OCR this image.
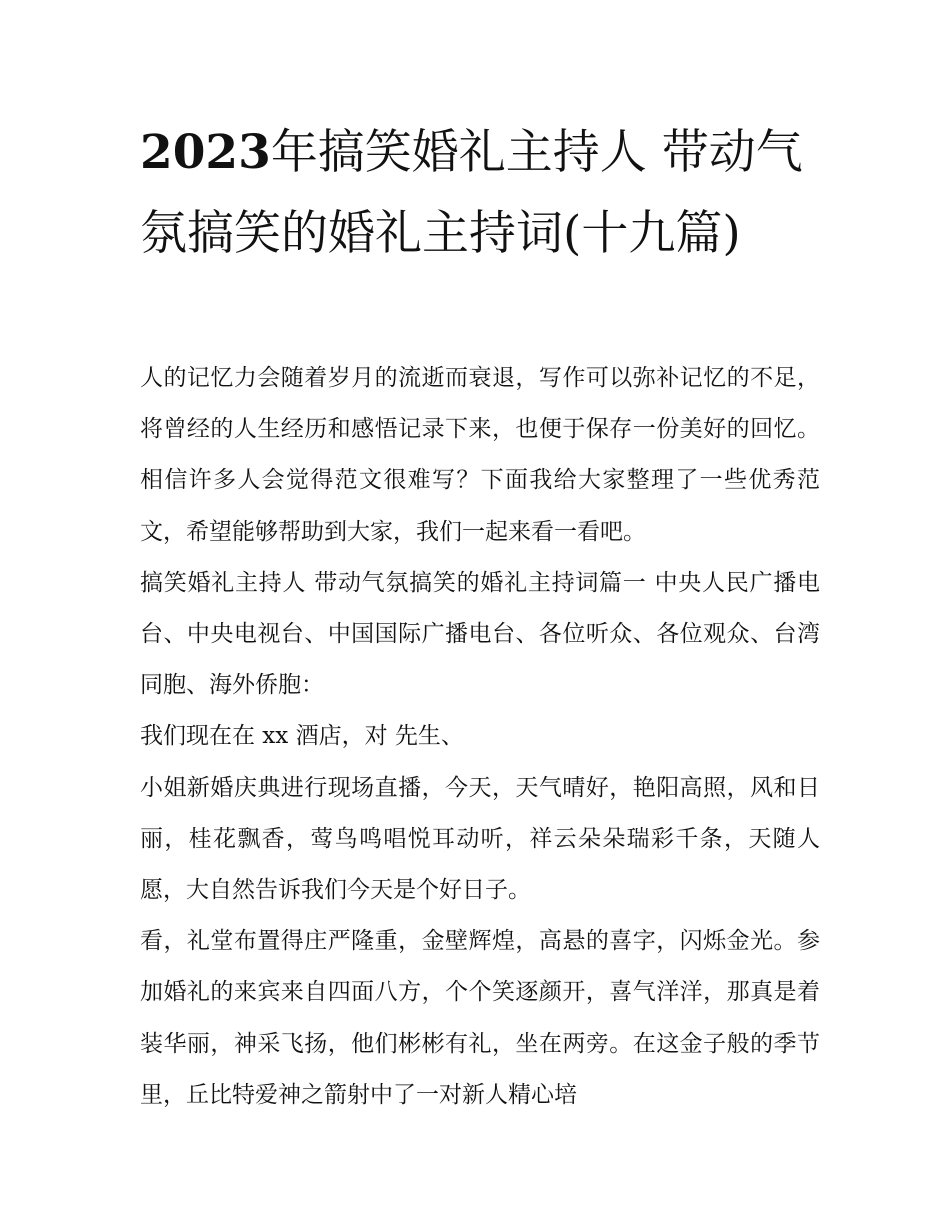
2023年搞笑婚礼主持人 带动气氛搞笑的婚礼主持词(十九篇)

人的记忆力会随着岁月的流逝而衰退，写作可以弥补记忆的不足，将曾经的人生经历和感悟记录下来，也便于保存一份美好的回忆。相信许多人会觉得范文很难写？下面我给大家整理了一些优秀范文，希望能够帮助到大家，我们一起来看一看吧。

搞笑婚礼主持人 带动气氛搞笑的婚礼主持词篇一 中央人民广播电台、中央电视台、中国国际广播电台、各位听众、各位观众、台湾同胞、海外侨胞：

我们现在在 xx 酒店，对 先生、

小姐新婚庆典进行现场直播，今天，天气晴好，艳阳高照，风和日丽，桂花飘香，莺鸟鸣唱悦耳动听，祥云朵朵瑞彩千条，天随人愿，大自然告诉我们今天是个好日子。

看，礼堂布置得庄严隆重，金壁辉煌，高悬的喜字，闪烁金光。参加婚礼的来宾来自四面八方，个个笑逐颜开，喜气洋洋，那真是着装华丽，神采飞扬，他们彬彬有礼，坐在两旁。在这金子般的季节里，丘比特爱神之箭射中了一对新人精心培
